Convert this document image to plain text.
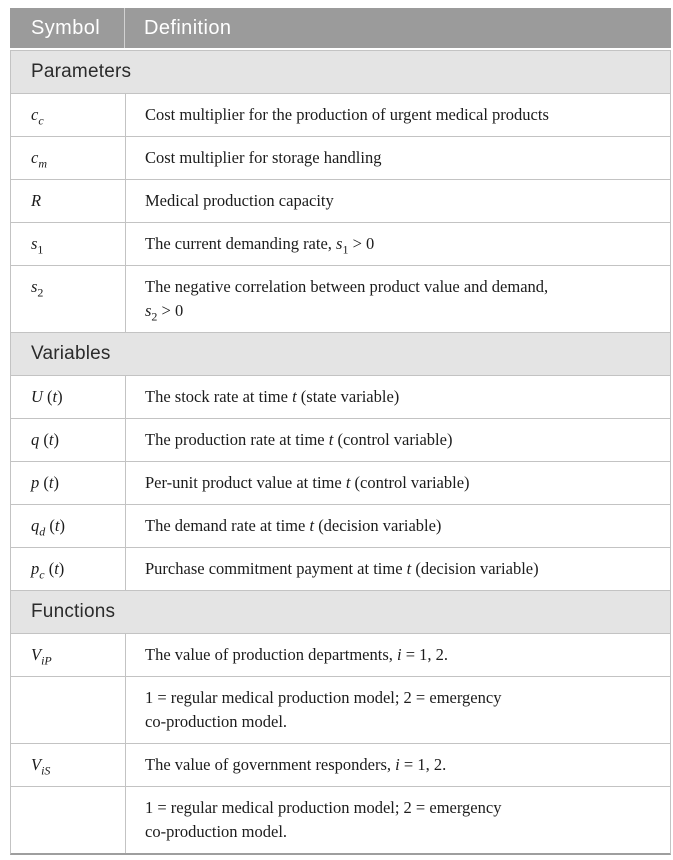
Symbol	Definition
Parameters
$c_c$	Cost multiplier for the production of urgent medical products
$c_m$	Cost multiplier for storage handling
R	Medical production capacity
$s_1$	The current demanding rate, $s_1 > 0$
$s_2$	The negative correlation between product value and demand,
$s_2 > 0$
Variables
U (t)	The stock rate at time t (state variable)
q (t)	The production rate at time t (control variable)
p (t)	Per-unit product value at time t (control variable)
$q_d$ (t)	The demand rate at time t (decision variable)
$p_c$ (t)	Purchase commitment payment at time t (decision variable)
Functions
$V_{iP}$	The value of production departments, i = 1, 2.
1 = regular medical production model; 2 = emergency
co-production model.
$V_{iS}$	The value of government responders, i = 1, 2.
1 = regular medical production model; 2 = emergency
co-production model.
